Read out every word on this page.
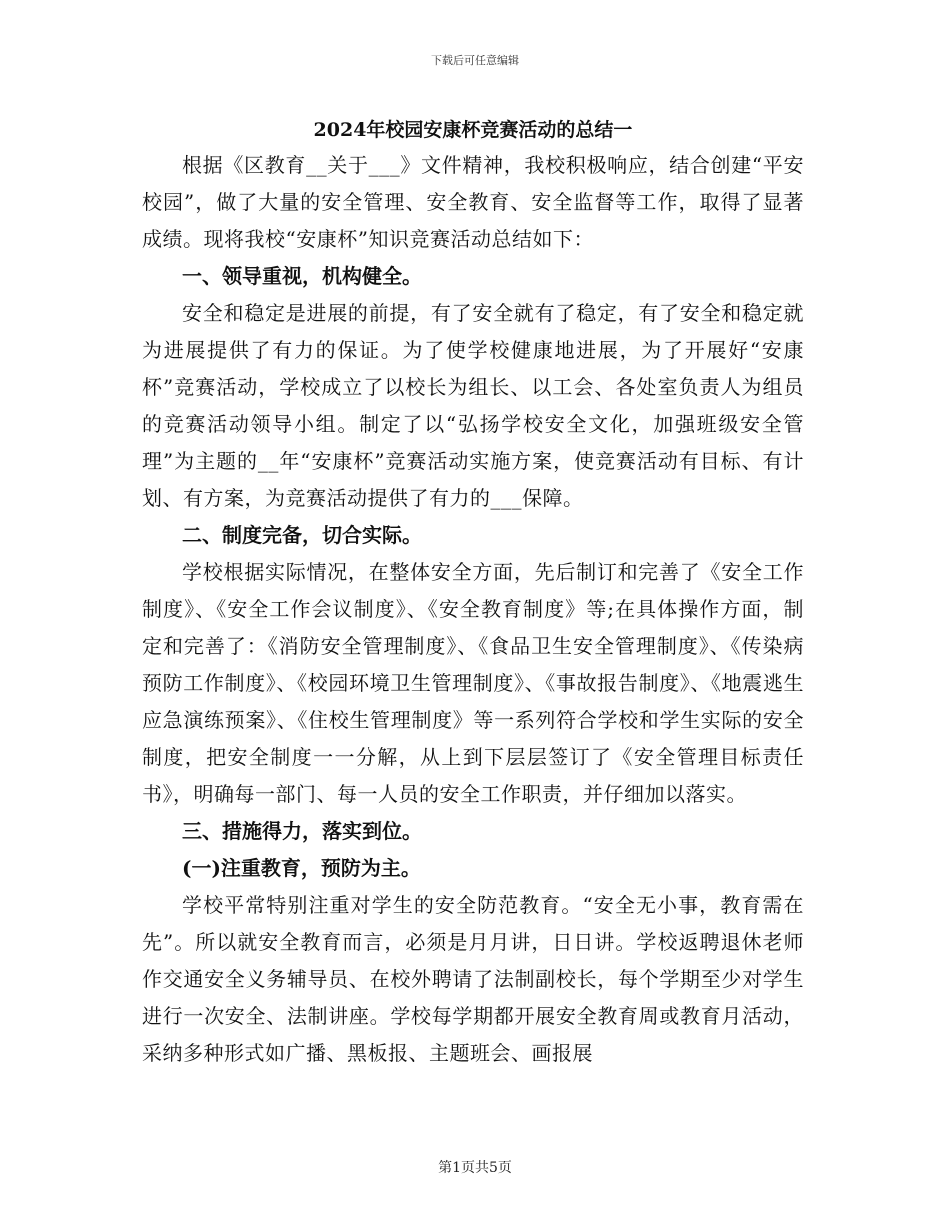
下载后可任意编辑
2024年校园安康杯竞赛活动的总结一

根据《区教育__关于___》文件精神，我校积极响应，结合创建“平安校园”，做了大量的安全管理、安全教育、安全监督等工作，取得了显著成绩。现将我校“安康杯”知识竞赛活动总结如下：

一、领导重视，机构健全。

安全和稳定是进展的前提，有了安全就有了稳定，有了安全和稳定就为进展提供了有力的保证。为了使学校健康地进展，为了开展好“安康杯”竞赛活动，学校成立了以校长为组长、以工会、各处室负责人为组员的竞赛活动领导小组。制定了以“弘扬学校安全文化，加强班级安全管理”为主题的__年“安康杯”竞赛活动实施方案，使竞赛活动有目标、有计划、有方案，为竞赛活动提供了有力的___保障。

二、制度完备，切合实际。

学校根据实际情况，在整体安全方面，先后制订和完善了《安全工作制度》、《安全工作会议制度》、《安全教育制度》等;在具体操作方面，制定和完善了：《消防安全管理制度》、《食品卫生安全管理制度》、《传染病预防工作制度》、《校园环境卫生管理制度》、《事故报告制度》、《地震逃生应急演练预案》、《住校生管理制度》等一系列符合学校和学生实际的安全制度，把安全制度一一分解，从上到下层层签订了《安全管理目标责任书》，明确每一部门、每一人员的安全工作职责，并仔细加以落实。

三、措施得力，落实到位。

(一)注重教育，预防为主。

学校平常特别注重对学生的安全防范教育。“安全无小事，教育需在先”。所以就安全教育而言，必须是月月讲，日日讲。学校返聘退休老师作交通安全义务辅导员、在校外聘请了法制副校长，每个学期至少对学生进行一次安全、法制讲座。学校每学期都开展安全教育周或教育月活动，采纳多种形式如广播、黑板报、主题班会、画报展

第1页共5页
